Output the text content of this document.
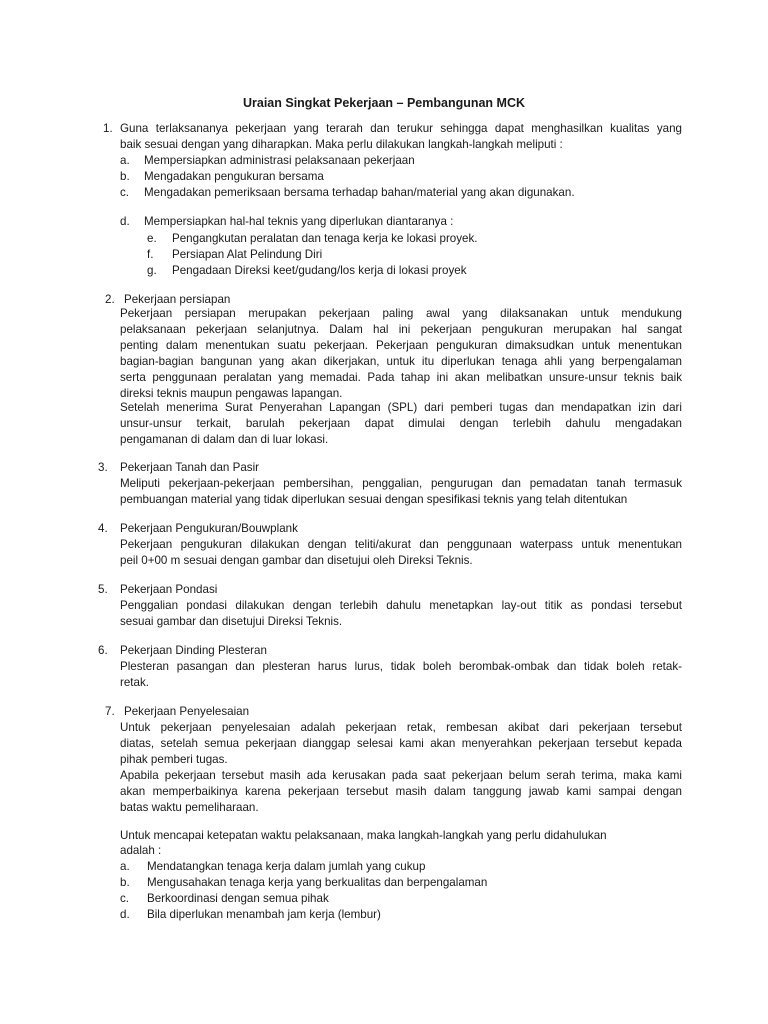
Uraian Singkat Pekerjaan – Pembangunan MCK

1. Guna terlaksananya pekerjaan yang terarah dan terukur sehingga dapat menghasilkan kualitas yang

baik sesuai dengan yang diharapkan. Maka perlu dilakukan langkah-langkah meliputi :

a. Mempersiapkan administrasi pelaksanaan pekerjaan

b. Mengadakan pengukuran bersama

c. Mengadakan pemeriksaan bersama terhadap bahan/material yang akan digunakan.

d. Mempersiapkan hal-hal teknis yang diperlukan diantaranya :

e. Pengangkutan peralatan dan tenaga kerja ke lokasi proyek.

f. Persiapan Alat Pelindung Diri

g. Pengadaan Direksi keet/gudang/los kerja di lokasi proyek

2. Pekerjaan persiapan

Pekerjaan persiapan merupakan pekerjaan paling awal yang dilaksanakan untuk mendukung

pelaksanaan pekerjaan selanjutnya. Dalam hal ini pekerjaan pengukuran merupakan hal sangat

penting dalam menentukan suatu pekerjaan. Pekerjaan pengukuran dimaksudkan untuk menentukan

bagian-bagian bangunan yang akan dikerjakan, untuk itu diperlukan tenaga ahli yang berpengalaman

serta penggunaan peralatan yang memadai. Pada tahap ini akan melibatkan unsure-unsur teknis baik

direksi teknis maupun pengawas lapangan.

Setelah menerima Surat Penyerahan Lapangan (SPL) dari pemberi tugas dan mendapatkan izin dari

unsur-unsur terkait, barulah pekerjaan dapat dimulai dengan terlebih dahulu mengadakan

pengamanan di dalam dan di luar lokasi.

3. Pekerjaan Tanah dan Pasir

Meliputi pekerjaan-pekerjaan pembersihan, penggalian, pengurugan dan pemadatan tanah termasuk

pembuangan material yang tidak diperlukan sesuai dengan spesifikasi teknis yang telah ditentukan

4. Pekerjaan Pengukuran/Bouwplank

Pekerjaan pengukuran dilakukan dengan teliti/akurat dan penggunaan waterpass untuk menentukan

peil 0+00 m sesuai dengan gambar dan disetujui oleh Direksi Teknis.

5. Pekerjaan Pondasi

Penggalian pondasi dilakukan dengan terlebih dahulu menetapkan lay-out titik as pondasi tersebut

sesuai gambar dan disetujui Direksi Teknis.

6. Pekerjaan Dinding Plesteran

Plesteran pasangan dan plesteran harus lurus, tidak boleh berombak-ombak dan tidak boleh retak-

retak.

7. Pekerjaan Penyelesaian

Untuk pekerjaan penyelesaian adalah pekerjaan retak, rembesan akibat dari pekerjaan tersebut

diatas, setelah semua pekerjaan dianggap selesai kami akan menyerahkan pekerjaan tersebut kepada

pihak pemberi tugas.

Apabila pekerjaan tersebut masih ada kerusakan pada saat pekerjaan belum serah terima, maka kami

akan memperbaikinya karena pekerjaan tersebut masih dalam tanggung jawab kami sampai dengan

batas waktu pemeliharaan.

Untuk mencapai ketepatan waktu pelaksanaan, maka langkah-langkah yang perlu didahulukan

adalah :

a. Mendatangkan tenaga kerja dalam jumlah yang cukup

b. Mengusahakan tenaga kerja yang berkualitas dan berpengalaman

c. Berkoordinasi dengan semua pihak

d. Bila diperlukan menambah jam kerja (lembur)
